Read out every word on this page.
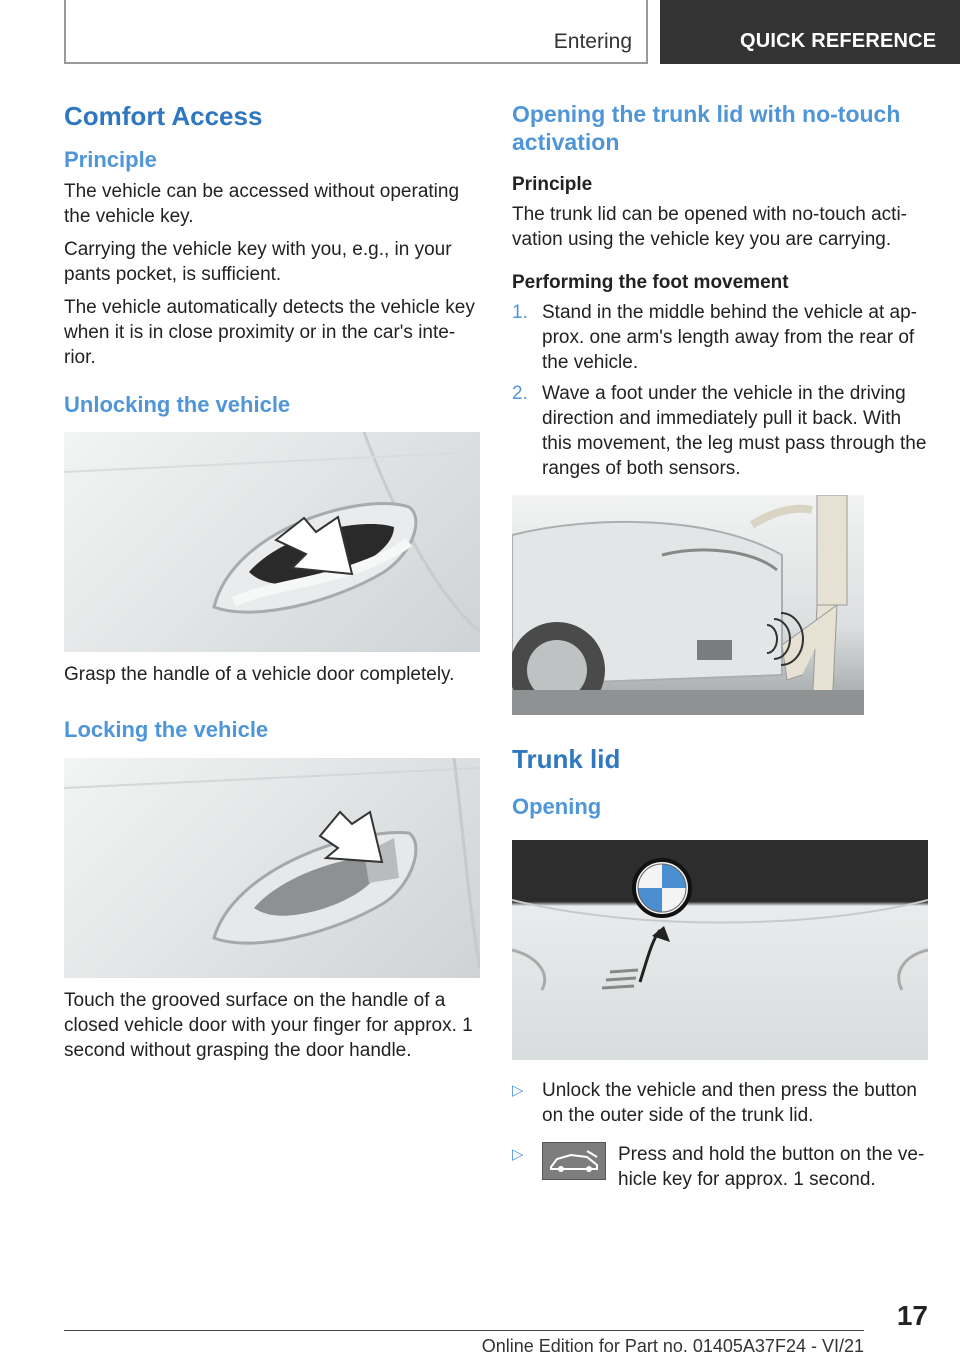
Entering	QUICK REFERENCE
Comfort Access
Principle

The vehicle can be accessed without operating the vehicle key.

Carrying the vehicle key with you, e.g., in your pants pocket, is sufficient.

The vehicle automatically detects the vehicle key when it is in close proximity or in the car's inte-rior.

Unlocking the vehicle

Grasp the handle of a vehicle door completely.

Locking the vehicle

Touch the grooved surface on the handle of a closed vehicle door with your finger for approx. 1 second without grasping the door handle.

Opening the trunk lid with no-touch activation
Principle

The trunk lid can be opened with no-touch acti-vation using the vehicle key you are carrying.

Performing the foot movement
1. Stand in the middle behind the vehicle at ap-prox. one arm's length away from the rear of the vehicle.
2. Wave a foot under the vehicle in the driving direction and immediately pull it back. With this movement, the leg must pass through the ranges of both sensors.
Trunk lid
Opening
▷ Unlock the vehicle and then press the button on the outer side of the trunk lid.
▷	Press and hold the button on the ve-hicle key for approx. 1 second.
17
Online Edition for Part no. 01405A37F24 - VI/21
